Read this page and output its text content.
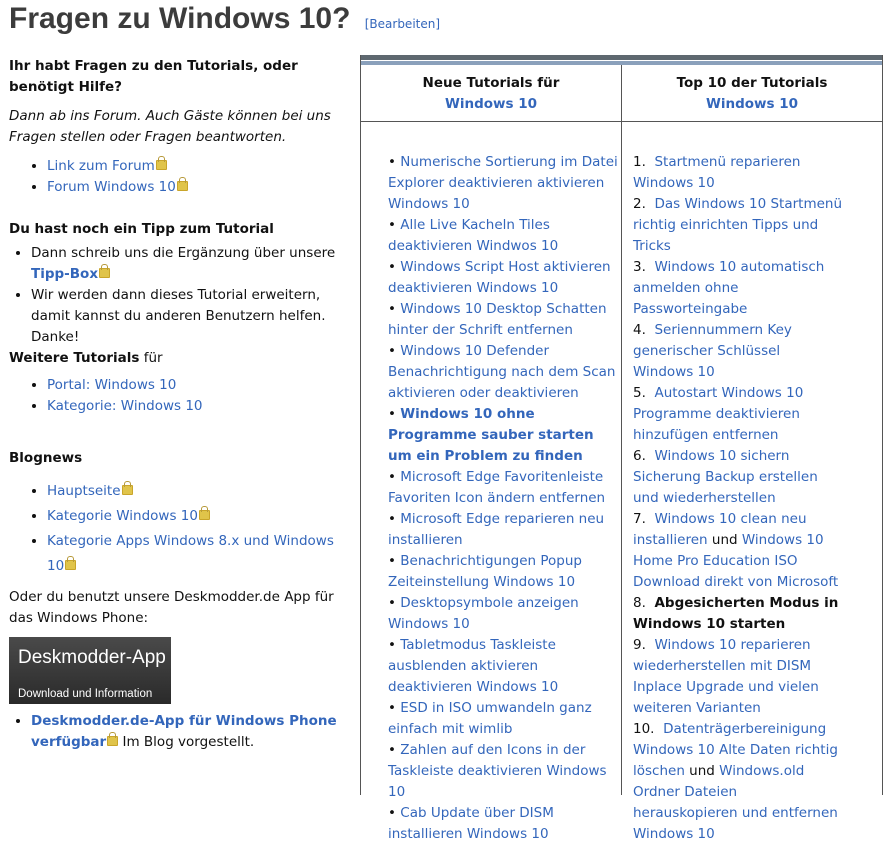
Fragen zu Windows 10? [Bearbeiten]
Ihr habt Fragen zu den Tutorials, oder benötigt Hilfe?

Dann ab ins Forum. Auch Gäste können bei uns Fragen stellen oder Fragen beantworten.

• Link zum Forum
• Forum Windows 10
Du hast noch ein Tipp zum Tutorial
• Dann schreib uns die Ergänzung über unsere Tipp-Box
• Wir werden dann dieses Tutorial erweitern, damit kannst du anderen Benutzern helfen. Danke!

Weitere Tutorials für

• Portal: Windows 10
• Kategorie: Windows 10
Blognews
• Hauptseite
• Kategorie Windows 10
• Kategorie Apps Windows 8.x und Windows 10

Oder du benutzt unsere Deskmodder.de App für das Windows Phone:

Deskmodder-App
Download und Information
• Deskmodder.de-App für Windows Phone verfügbar Im Blog vorgestellt.
Neue Tutorials für
Windows 10
• Numerische Sortierung im Datei Explorer deaktivieren aktivieren Windows 10
• Alle Live Kacheln Tiles deaktivieren Windwos 10
• Windows Script Host aktivieren deaktivieren Windows 10
• Windows 10 Desktop Schatten hinter der Schrift entfernen
• Windows 10 Defender Benachrichtigung nach dem Scan aktivieren oder deaktivieren
• Windows 10 ohne Programme sauber starten um ein Problem zu finden
• Microsoft Edge Favoritenleiste Favoriten Icon ändern entfernen
• Microsoft Edge reparieren neu installieren
• Benachrichtigungen Popup Zeiteinstellung Windows 10
• Desktopsymbole anzeigen Windows 10
• Tabletmodus Taskleiste ausblenden aktivieren deaktivieren Windows 10
• ESD in ISO umwandeln ganz einfach mit wimlib
• Zahlen auf den Icons in der Taskleiste deaktivieren Windows 10
• Cab Update über DISM installieren Windows 10
Top 10 der Tutorials
Windows 10
1.  Startmenü reparieren Windows 10
2.  Das Windows 10 Startmenü richtig einrichten Tipps und Tricks
3.  Windows 10 automatisch anmelden ohne Passworteingabe
4.  Seriennummern Key generischer Schlüssel Windows 10
5.  Autostart Windows 10 Programme deaktivieren hinzufügen entfernen
6.  Windows 10 sichern Sicherung Backup erstellen und wiederherstellen
7.  Windows 10 clean neu installieren und Windows 10 Home Pro Education ISO Download direkt von Microsoft
8.  Abgesicherten Modus in Windows 10 starten
9.  Windows 10 reparieren wiederherstellen mit DISM Inplace Upgrade und vielen weiteren Varianten
10.  Datenträgerbereinigung Windows 10 Alte Daten richtig löschen und Windows.old Ordner Dateien herauskopieren und entfernen Windows 10
